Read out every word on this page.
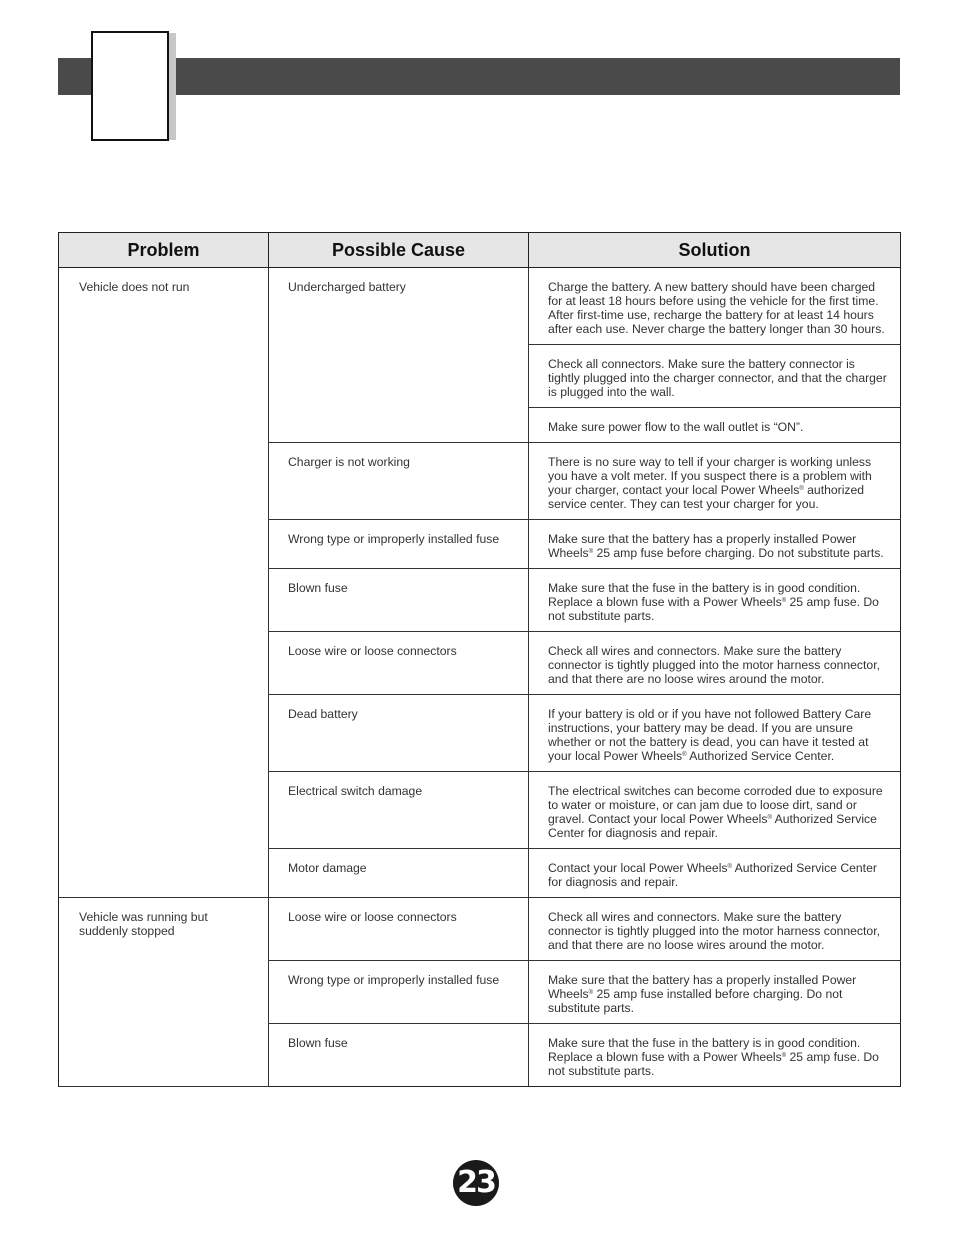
Problem	Possible Cause	Solution
Vehicle does not run	Undercharged battery	Charge the battery. A new battery should have been charged for at least 18 hours before using the vehicle for the first time. After first-time use, recharge the battery for at least 14 hours after each use. Never charge the battery longer than 30 hours.
		Check all connectors. Make sure the battery connector is tightly plugged into the charger connector, and that the charger is plugged into the wall.
		Make sure power flow to the wall outlet is “ON”.
	Charger is not working	There is no sure way to tell if your charger is working unless you have a volt meter. If you suspect there is a problem with your charger, contact your local Power Wheels® authorized service center. They can test your charger for you.
	Wrong type or improperly installed fuse	Make sure that the battery has a properly installed Power Wheels® 25 amp fuse before charging. Do not substitute parts.
	Blown fuse	Make sure that the fuse in the battery is in good condition. Replace a blown fuse with a Power Wheels® 25 amp fuse. Do not substitute parts.
	Loose wire or loose connectors	Check all wires and connectors. Make sure the battery connector is tightly plugged into the motor harness connector, and that there are no loose wires around the motor.
	Dead battery	If your battery is old or if you have not followed Battery Care instructions, your battery may be dead. If you are unsure whether or not the battery is dead, you can have it tested at your local Power Wheels® Authorized Service Center.
	Electrical switch damage	The electrical switches can become corroded due to exposure to water or moisture, or can jam due to loose dirt, sand or gravel. Contact your local Power Wheels® Authorized Service Center for diagnosis and repair.
	Motor damage	Contact your local Power Wheels® Authorized Service Center for diagnosis and repair.
Vehicle was running but suddenly stopped	Loose wire or loose connectors	Check all wires and connectors. Make sure the battery connector is tightly plugged into the motor harness connector, and that there are no loose wires around the motor.
	Wrong type or improperly installed fuse	Make sure that the battery has a properly installed Power Wheels® 25 amp fuse installed before charging. Do not substitute parts.
	Blown fuse	Make sure that the fuse in the battery is in good condition. Replace a blown fuse with a Power Wheels® 25 amp fuse. Do not substitute parts.
23
